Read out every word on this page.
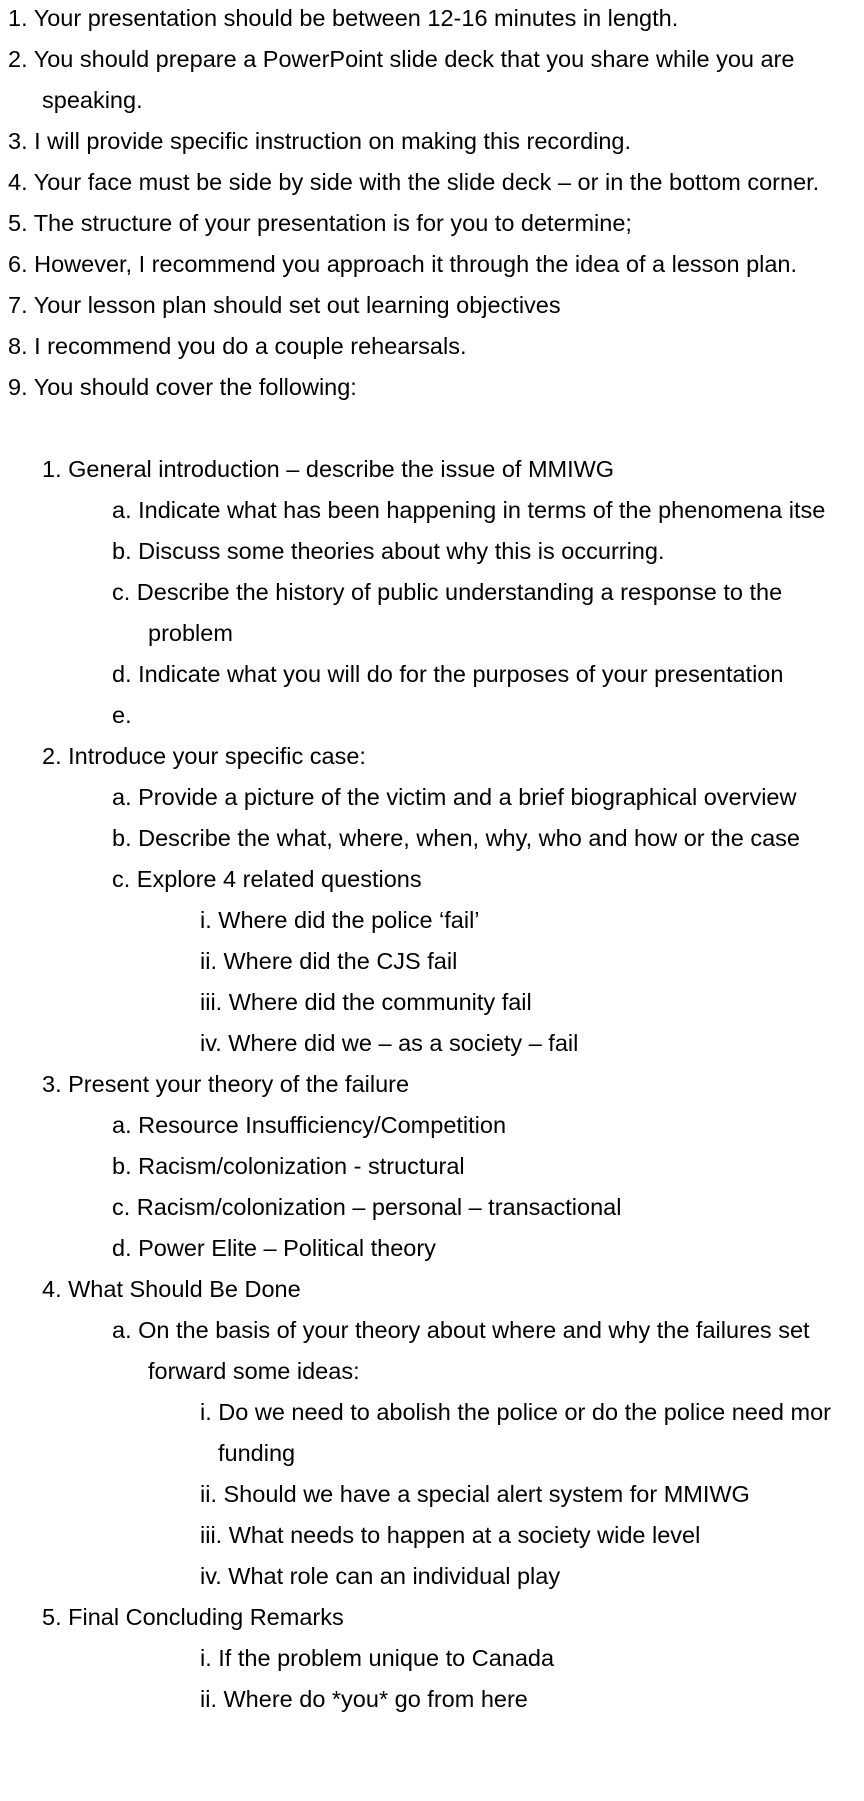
1. Your presentation should be between 12-16 minutes in length.
2. You should prepare a PowerPoint slide deck that you share while you are
speaking.
3. I will provide specific instruction on making this recording.
4. Your face must be side by side with the slide deck – or in the bottom corner.
5. The structure of your presentation is for you to determine;
6. However, I recommend you approach it through the idea of a lesson plan.
7. Your lesson plan should set out learning objectives
8. I recommend you do a couple rehearsals.
9. You should cover the following:
1. General introduction – describe the issue of MMIWG
a. Indicate what has been happening in terms of the phenomena itse
b. Discuss some theories about why this is occurring.
c. Describe the history of public understanding a response to the
problem
d. Indicate what you will do for the purposes of your presentation
e.
2. Introduce your specific case:
a. Provide a picture of the victim and a brief biographical overview
b. Describe the what, where, when, why, who and how or the case
c. Explore 4 related questions
i. Where did the police ‘fail’
ii. Where did the CJS fail
iii. Where did the community fail
iv. Where did we – as a society – fail
3. Present your theory of the failure
a. Resource Insufficiency/Competition
b. Racism/colonization - structural
c. Racism/colonization – personal – transactional
d. Power Elite – Political theory
4. What Should Be Done
a. On the basis of your theory about where and why the failures set
forward some ideas:
i. Do we need to abolish the police or do the police need mor
funding
ii. Should we have a special alert system for MMIWG
iii. What needs to happen at a society wide level
iv. What role can an individual play
5. Final Concluding Remarks
i. If the problem unique to Canada
ii. Where do *you* go from here
